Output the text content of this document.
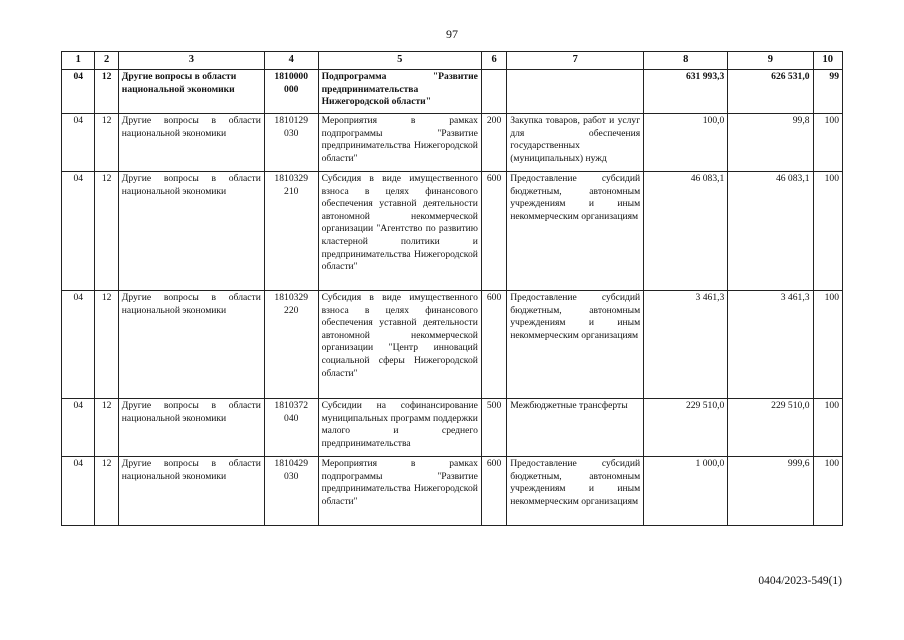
97
1	2	3	4	5	6	7	8	9	10
04	12	Другие вопросы в области национальной экономики	1810000 000	Подпрограмма "Развитие предпринимательства Нижегородской области"			631 993,3	626 531,0	99
04	12	Другие вопросы в области национальной экономики	1810129 030	Мероприятия в рамках подпрограммы "Развитие предпринимательства Нижегородской области"	200	Закупка товаров, работ и услуг для обеспечения государственных (муниципальных) нужд	100,0	99,8	100
04	12	Другие вопросы в области национальной экономики	1810329 210	Субсидия в виде имущественного взноса в целях финансового обеспечения уставной деятельности автономной некоммерческой организации "Агентство по развитию кластерной политики и предпринимательства Нижегородской области"	600	Предоставление субсидий бюджетным, автономным учреждениям и иным некоммерческим организациям	46 083,1	46 083,1	100
04	12	Другие вопросы в области национальной экономики	1810329 220	Субсидия в виде имущественного взноса в целях финансового обеспечения уставной деятельности автономной некоммерческой организации "Центр инноваций социальной сферы Нижегородской области"	600	Предоставление субсидий бюджетным, автономным учреждениям и иным некоммерческим организациям	3 461,3	3 461,3	100
04	12	Другие вопросы в области национальной экономики	1810372 040	Субсидии на софинансирование муниципальных программ поддержки малого и среднего предпринимательства	500	Межбюджетные трансферты	229 510,0	229 510,0	100
04	12	Другие вопросы в области национальной экономики	1810429 030	Мероприятия в рамках подпрограммы "Развитие предпринимательства Нижегородской области"	600	Предоставление субсидий бюджетным, автономным учреждениям и иным некоммерческим организациям	1 000,0	999,6	100
0404/2023-549(1)
